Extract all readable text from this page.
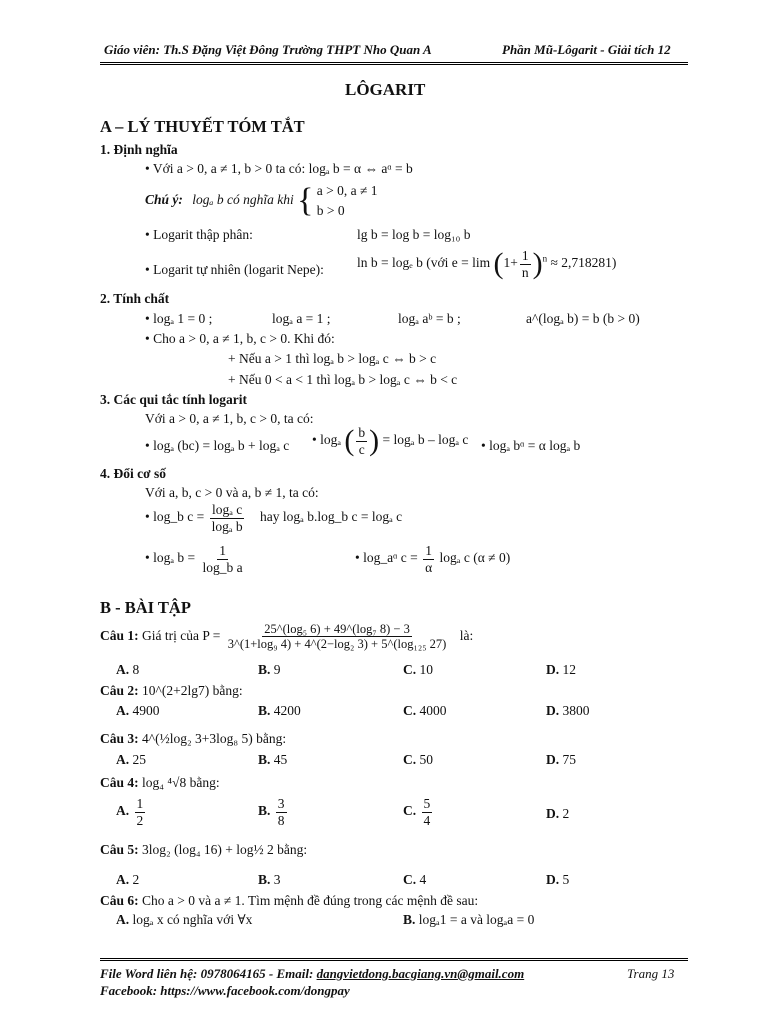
Giáo viên: Th.S Đặng Việt Đông Trường THPT Nho Quan A	Phần Mũ-Lôgarit - Giải tích 12
LÔGARIT
A – LÝ THUYẾT TÓM TẮT
1. Định nghĩa
• Với a > 0, a ≠ 1, b > 0 ta có: logₐ b = α ⇔ aᵅ = b
Chú ý: logₐ b có nghĩa khi { a > 0, a ≠ 1
b > 0
• Logarit thập phân:	lg b = log b = log₁₀ b
• Logarit tự nhiên (logarit Nepe): ln b = logₑ b (với $e = \lim (1+ \frac{1}{n} )^n \approx 2,718281$)
2. Tính chất
• logₐ 1 = 0 ;	logₐ a = 1 ;	logₐ aᵇ = b ;	a^(logₐ b) = b (b > 0)
• Cho a > 0, a ≠ 1, b, c > 0. Khi đó:
+ Nếu a > 1 thì logₐ b > logₐ c ⇔ b > c
+ Nếu 0 < a < 1 thì logₐ b > logₐ c ⇔ b < c
3. Các qui tắc tính logarit
Với a > 0, a ≠ 1, b, c > 0, ta có:
• logₐ (bc) = logₐ b + logₐ c • logₐ ( $\frac{b}{c}$ ) = logₐ b – logₐ c • logₐ bᵅ = α logₐ b
4. Đổi cơ số
Với a, b, c > 0 và a, b ≠ 1, ta có:
• log_b $c = \frac{\text{logₐ c}}{\text{logₐ b}}$ hay logₐ b.log_b c = logₐ c
• logₐ $b = \frac{1}{\text{log\_b a}}$	• log_aᵅ $c = \frac{1}{\alpha}$ logₐ c (α ≠ 0)
B - BÀI TẬP
Câu 1: Giá trị của $P = \frac{\text{25\textasciicircum{}(log₅ 6) + 49\textasciicircum{}(log₇ 8) − 3}}{\text{3\textasciicircum{}(1+log₉ 4) + 4\textasciicircum{}(2−log₂ 3) + 5\textasciicircum{}(log₁₂₅ 27)}}$ là:
A. 8	B. 9	C. 10	D. 12
Câu 2: 10^(2+2lg7) bằng:
A. 4900	B. 4200	C. 4000	D. 3800
Câu 3: 4^(½log₂ 3+3log₈ 5) bằng:
A. 25	B. 45	C. 50	D. 75
Câu 4: log₄ ⁴√8 bằng:
A. $\frac{1}{2}$	B. $\frac{3}{8}$	C. $\frac{5}{4}$	D. 2
Câu 5: 3log₂ (log₄ 16) + log½ 2 bằng:
A. 2	B. 3	C. 4	D. 5
Câu 6: Cho a > 0 và a ≠ 1. Tìm mệnh đề đúng trong các mệnh đề sau:
A. logₐ x có nghĩa với ∀x	B. logₐ1 = a và logₐa = 0
File Word liên hệ: 0978064165 - Email: dangvietdong.bacgiang.vn@gmail.com	Trang 13
Facebook: https://www.facebook.com/dongpay
